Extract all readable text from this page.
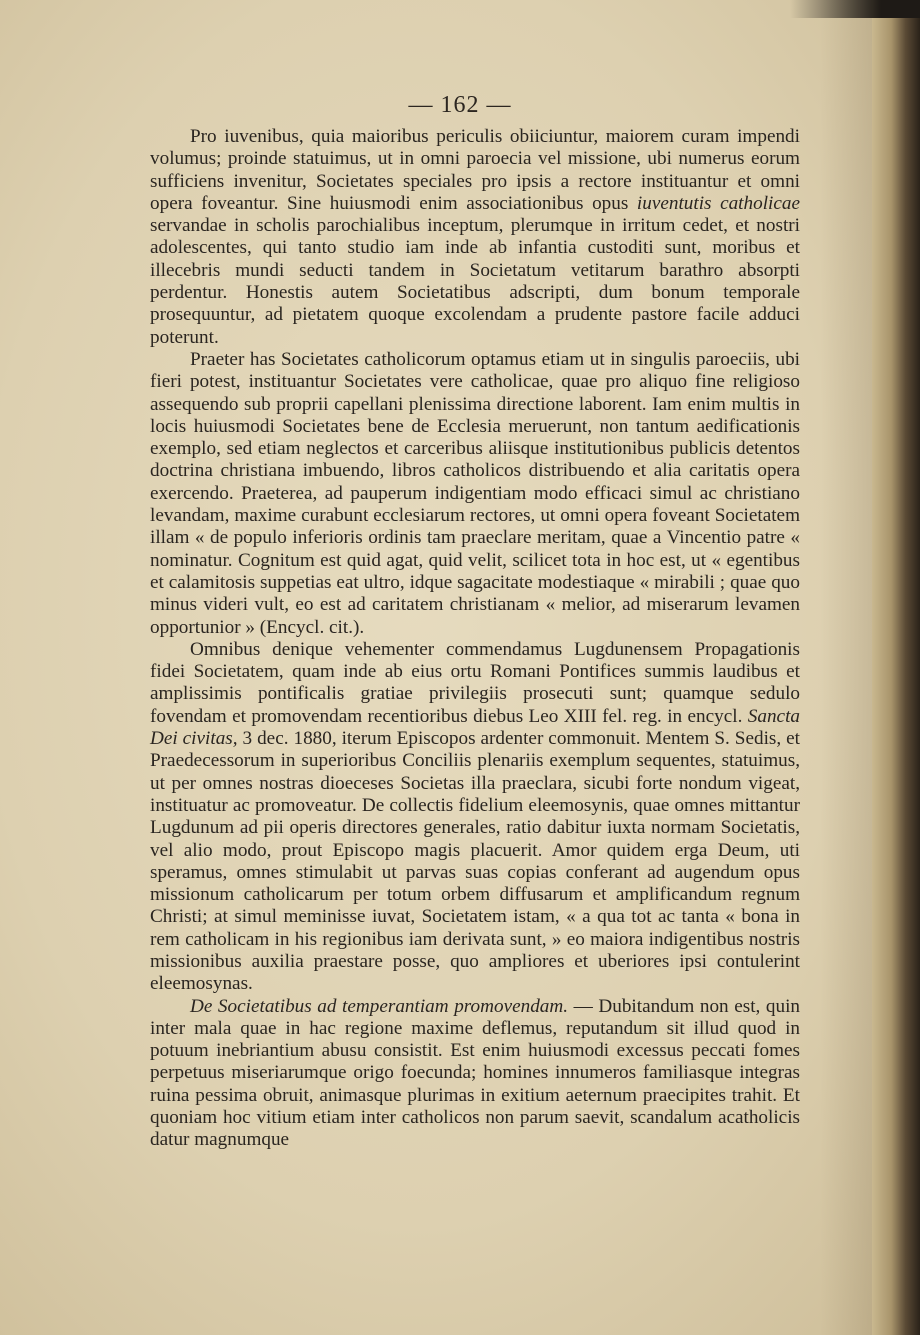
— 162 —

Pro iuvenibus, quia maioribus periculis obiiciuntur, maiorem curam impendi volumus; proinde statuimus, ut in omni paroecia vel missione, ubi numerus eorum sufficiens invenitur, Societates speciales pro ipsis a rectore instituantur et omni opera foveantur. Sine huiusmodi enim associationibus opus iuventutis catholicae servandae in scholis parochialibus inceptum, plerumque in irritum cedet, et nostri adolescentes, qui tanto studio iam inde ab infantia custoditi sunt, moribus et illecebris mundi seducti tandem in Societatum vetitarum barathro absorpti perdentur. Honestis autem Societatibus adscripti, dum bonum temporale prosequuntur, ad pietatem quoque excolendam a prudente pastore facile adduci poterunt.

Praeter has Societates catholicorum optamus etiam ut in singulis paroeciis, ubi fieri potest, instituantur Societates vere catholicae, quae pro aliquo fine religioso assequendo sub proprii capellani plenissima directione laborent. Iam enim multis in locis huiusmodi Societates bene de Ecclesia meruerunt, non tantum aedificationis exemplo, sed etiam neglectos et carceribus aliisque institutionibus publicis detentos doctrina christiana imbuendo, libros catholicos distribuendo et alia caritatis opera exercendo. Praeterea, ad pauperum indigentiam modo efficaci simul ac christiano levandam, maxime curabunt ecclesiarum rectores, ut omni opera foveant Societatem illam « de populo inferioris ordinis tam praeclare meritam, quae a Vincentio patre « nominatur. Cognitum est quid agat, quid velit, scilicet tota in hoc est, ut « egentibus et calamitosis suppetias eat ultro, idque sagacitate modestiaque « mirabili ; quae quo minus videri vult, eo est ad caritatem christianam « melior, ad miserarum levamen opportunior » (Encycl. cit.).

Omnibus denique vehementer commendamus Lugdunensem Propagationis fidei Societatem, quam inde ab eius ortu Romani Pontifices summis laudibus et amplissimis pontificalis gratiae privilegiis prosecuti sunt; quamque sedulo fovendam et promovendam recentioribus diebus Leo XIII fel. reg. in encycl. Sancta Dei civitas, 3 dec. 1880, iterum Episcopos ardenter commonuit. Mentem S. Sedis, et Praedecessorum in superioribus Conciliis plenariis exemplum sequentes, statuimus, ut per omnes nostras dioeceses Societas illa praeclara, sicubi forte nondum vigeat, instituatur ac promoveatur. De collectis fidelium eleemosynis, quae omnes mittantur Lugdunum ad pii operis directores generales, ratio dabitur iuxta normam Societatis, vel alio modo, prout Episcopo magis placuerit. Amor quidem erga Deum, uti speramus, omnes stimulabit ut parvas suas copias conferant ad augendum opus missionum catholicarum per totum orbem diffusarum et amplificandum regnum Christi; at simul meminisse iuvat, Societatem istam, « a qua tot ac tanta « bona in rem catholicam in his regionibus iam derivata sunt, » eo maiora indigentibus nostris missionibus auxilia praestare posse, quo ampliores et uberiores ipsi contulerint eleemosynas.

De Societatibus ad temperantiam promovendam. — Dubitandum non est, quin inter mala quae in hac regione maxime deflemus, reputandum sit illud quod in potuum inebriantium abusu consistit. Est enim huiusmodi excessus peccati fomes perpetuus miseriarumque origo foecunda; homines innumeros familiasque integras ruina pessima obruit, animasque plurimas in exitium aeternum praecipites trahit. Et quoniam hoc vitium etiam inter catholicos non parum saevit, scandalum acatholicis datur magnumque
